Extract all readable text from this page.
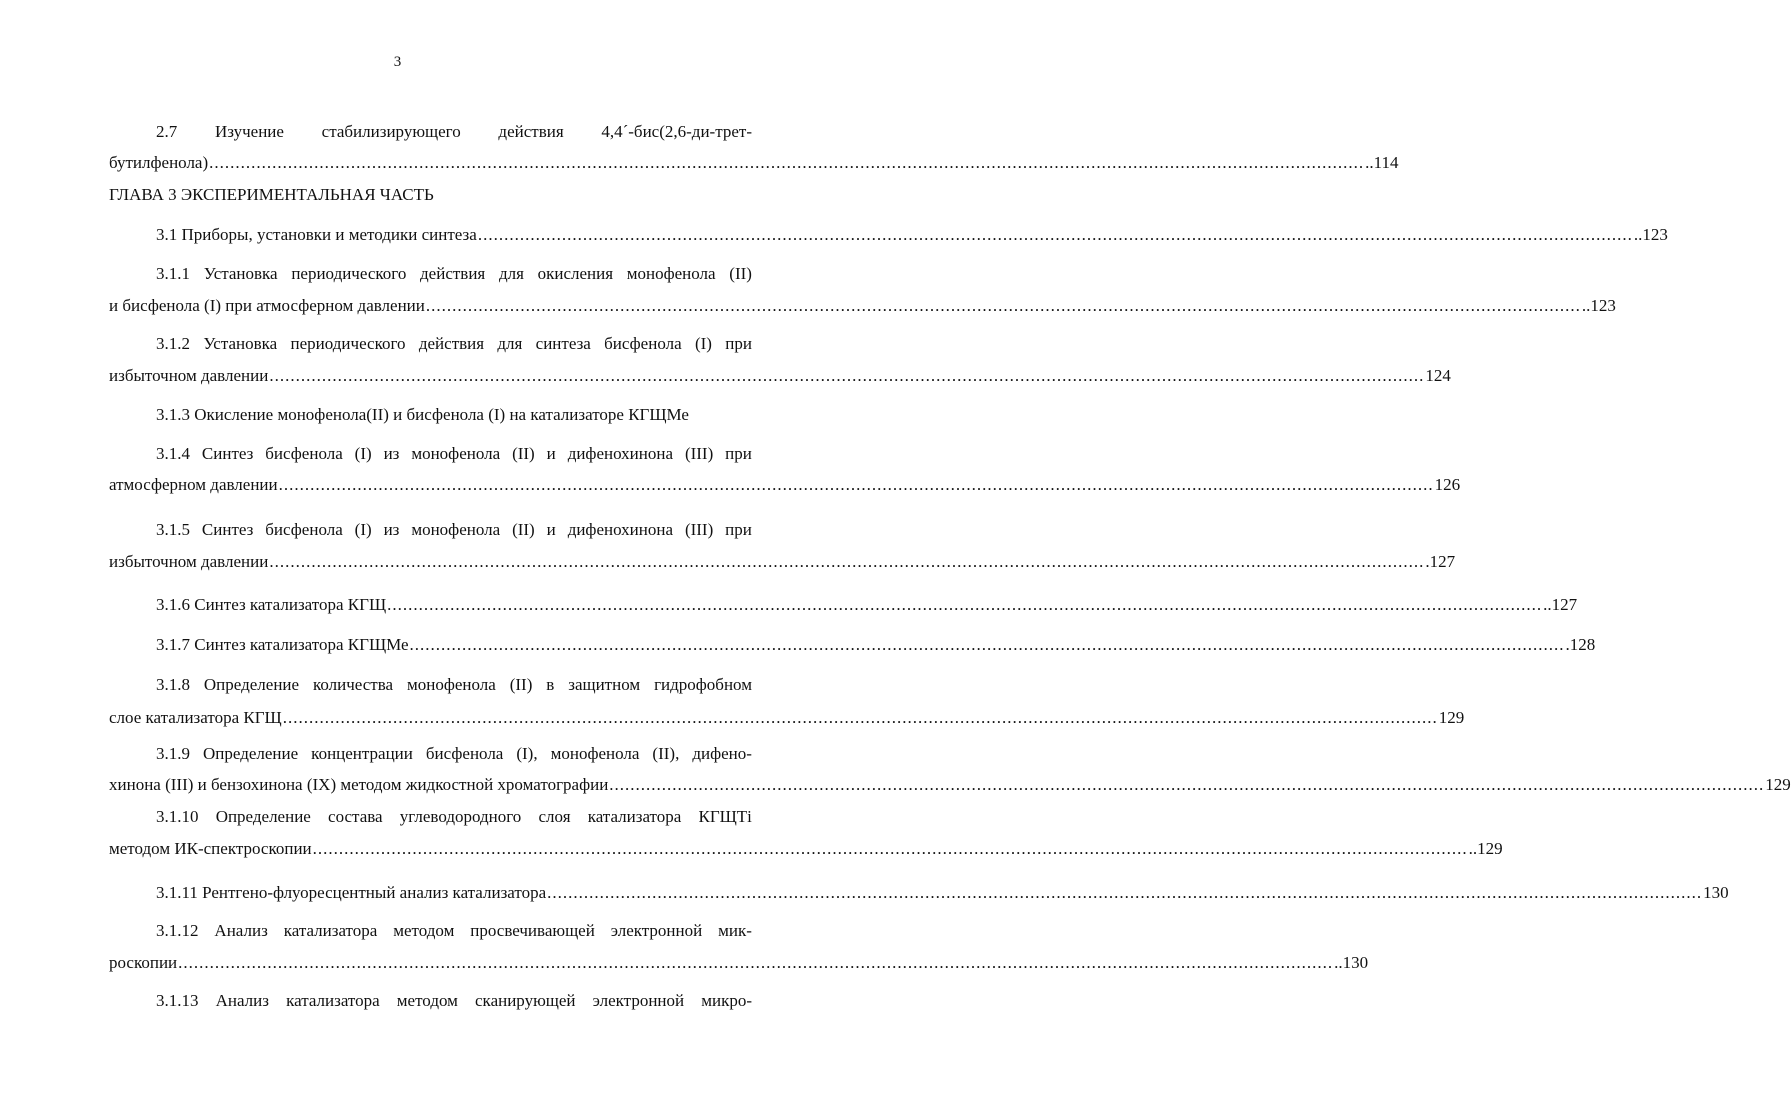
3
2.7 Изучение стабилизирующего действия 4,4´-бис(2,6-ди-трет-
бутилфенола) ............................................................................................................................................................................................................................ ..114
ГЛАВА 3 ЭКСПЕРИМЕНТАЛЬНАЯ ЧАСТЬ
3.1 Приборы, установки и методики синтеза ............................................................................................................................................................................................................................ ..123
3.1.1 Установка периодического действия для окисления монофенола (II)
и бисфенола (I) при атмосферном давлении ............................................................................................................................................................................................................................ ..123
3.1.2 Установка периодического действия для синтеза бисфенола (I) при
избыточном давлении ............................................................................................................................................................................................................................ 124
3.1.3 Окисление монофенола(II) и бисфенола (I) на катализаторе КГЩМе
3.1.4 Синтез бисфенола (I) из монофенола (II) и дифенохинона (III) при
атмосферном давлении ............................................................................................................................................................................................................................ 126
3.1.5 Синтез бисфенола (I) из монофенола (II) и дифенохинона (III) при
избыточном давлении ............................................................................................................................................................................................................................ .127
3.1.6 Синтез катализатора КГЩ ............................................................................................................................................................................................................................ ..127
3.1.7 Синтез катализатора КГЩМе ............................................................................................................................................................................................................................ .128
3.1.8 Определение количества монофенола (II) в защитном гидрофобном
слое катализатора КГЩ ............................................................................................................................................................................................................................ 129
3.1.9 Определение концентрации бисфенола (I), монофенола (II), дифено-
хинона (III) и бензохинона (IX) методом жидкостной хроматографии ............................................................................................................................................................................................................................ 129
3.1.10 Определение состава углеводородного слоя катализатора КГЩТі
методом ИК-спектроскопии ............................................................................................................................................................................................................................ ..129
3.1.11 Рентгено-флуоресцентный анализ катализатора ............................................................................................................................................................................................................................ 130
3.1.12 Анализ катализатора методом просвечивающей электронной мик-
роскопии ............................................................................................................................................................................................................................ ..130
3.1.13 Анализ катализатора методом сканирующей электронной микро-
